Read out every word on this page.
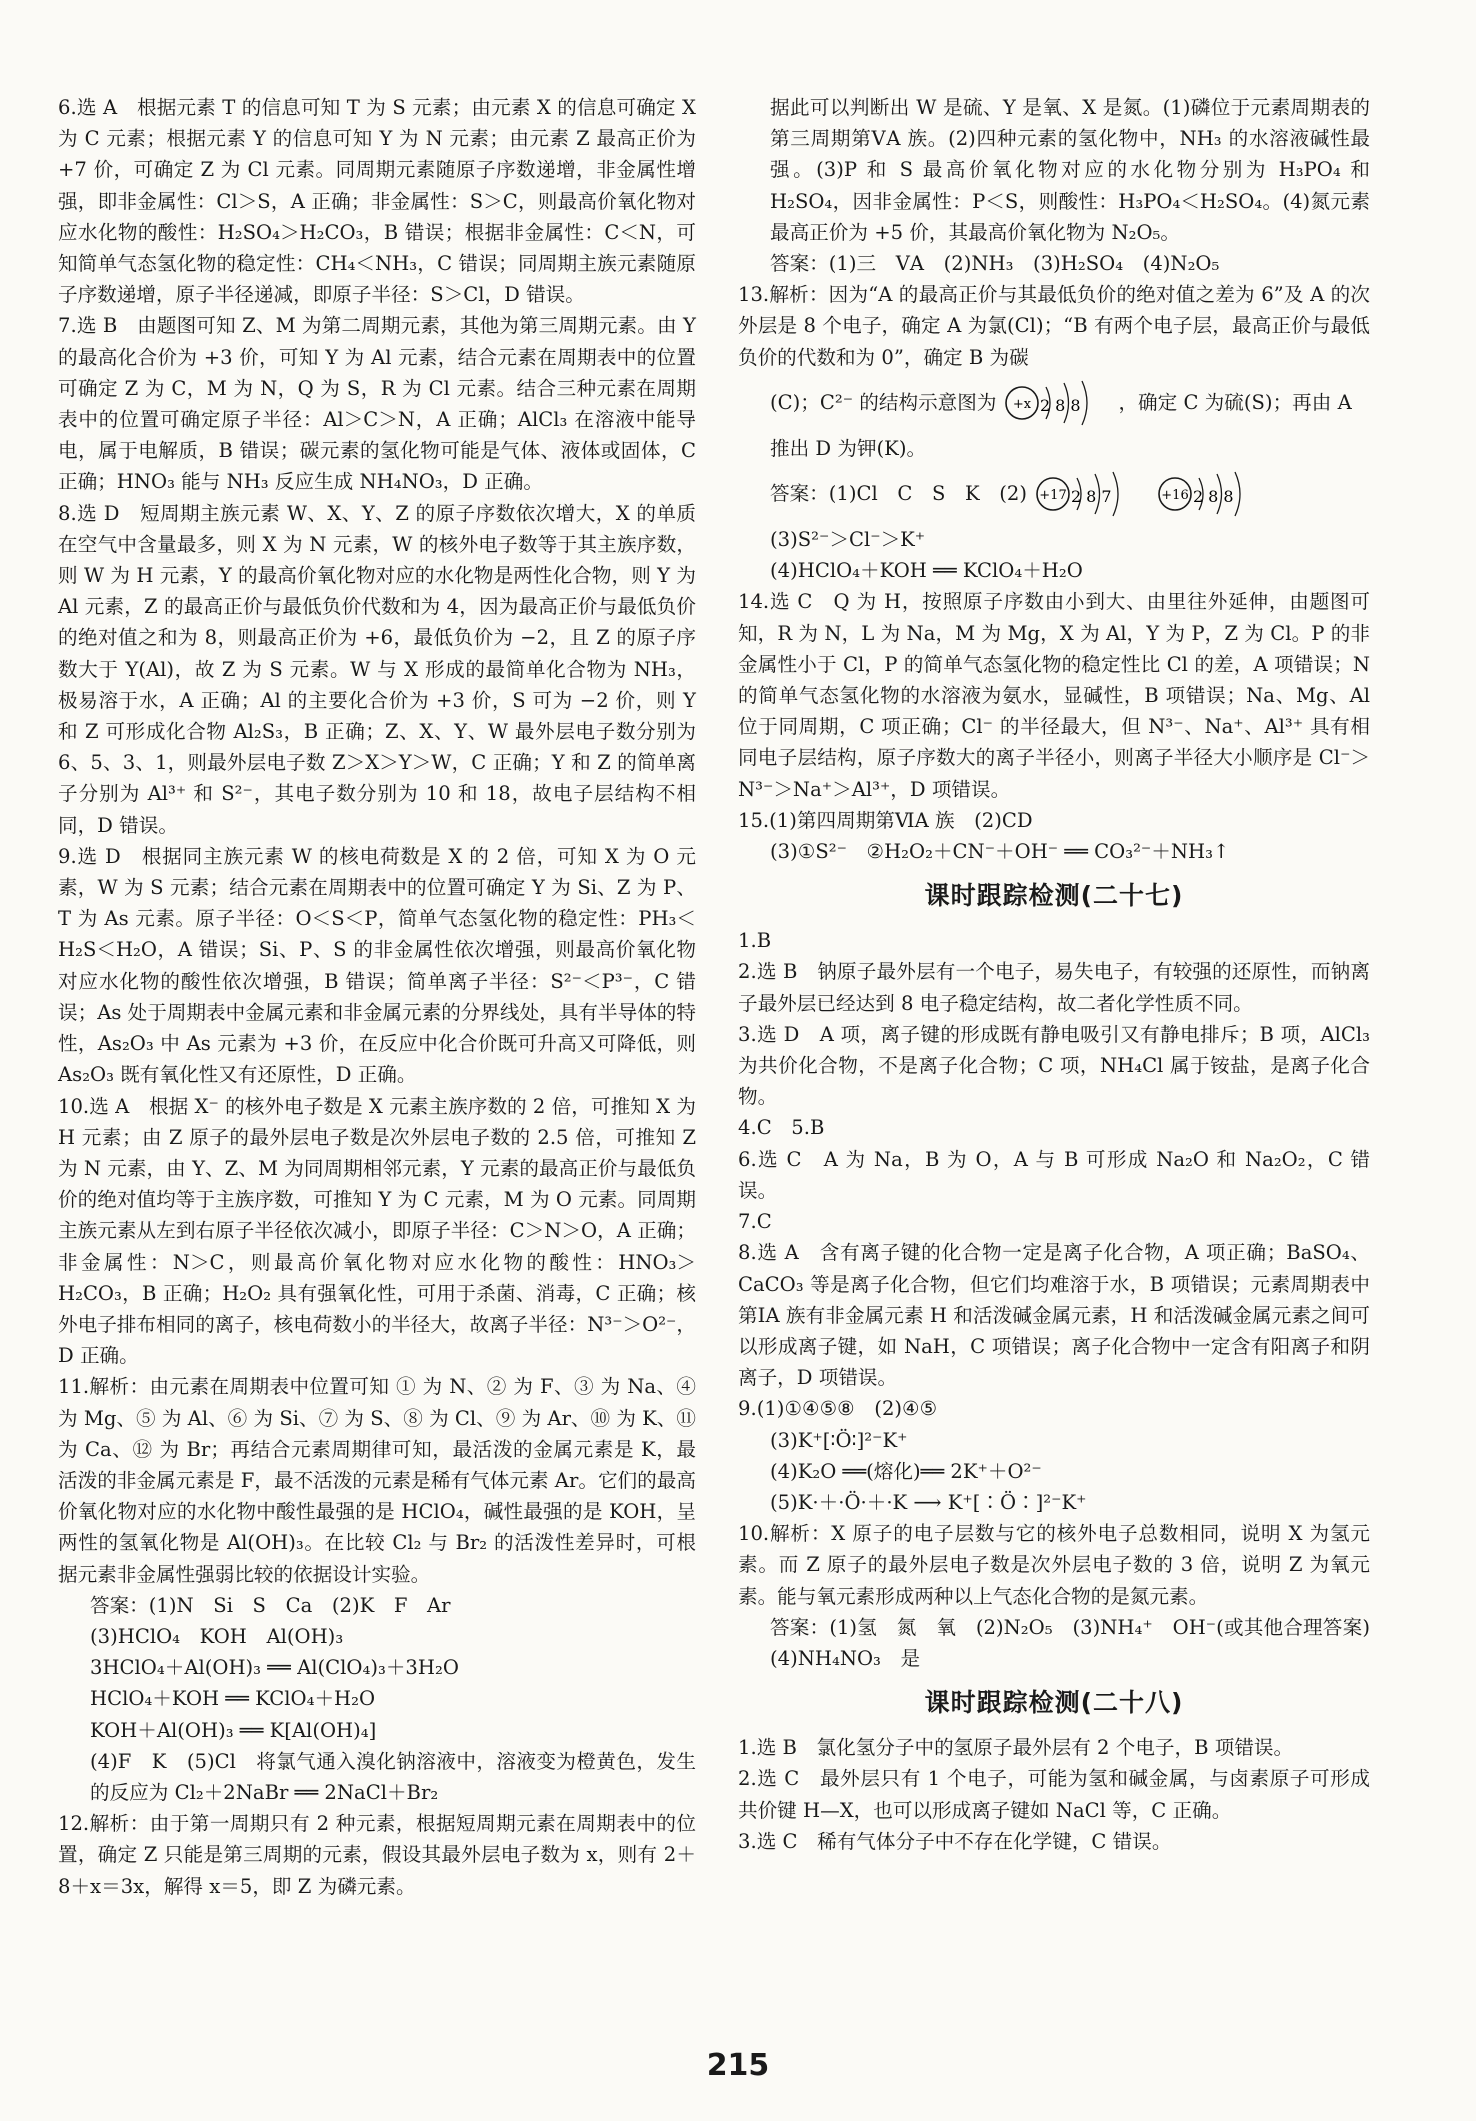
6.选 A　根据元素 T 的信息可知 T 为 S 元素；由元素 X 的信息可确定 X 为 C 元素；根据元素 Y 的信息可知 Y 为 N 元素；由元素 Z 最高正价为 +7 价，可确定 Z 为 Cl 元素。同周期元素随原子序数递增，非金属性增强，即非金属性：Cl＞S，A 正确；非金属性：S＞C，则最高价氧化物对应水化物的酸性：H₂SO₄＞H₂CO₃，B 错误；根据非金属性：C＜N，可知简单气态氢化物的稳定性：CH₄＜NH₃，C 错误；同周期主族元素随原子序数递增，原子半径递减，即原子半径：S＞Cl，D 错误。

7.选 B　由题图可知 Z、M 为第二周期元素，其他为第三周期元素。由 Y 的最高化合价为 +3 价，可知 Y 为 Al 元素，结合元素在周期表中的位置可确定 Z 为 C，M 为 N，Q 为 S，R 为 Cl 元素。结合三种元素在周期表中的位置可确定原子半径：Al＞C＞N，A 正确；AlCl₃ 在溶液中能导电，属于电解质，B 错误；碳元素的氢化物可能是气体、液体或固体，C 正确；HNO₃ 能与 NH₃ 反应生成 NH₄NO₃，D 正确。

8.选 D　短周期主族元素 W、X、Y、Z 的原子序数依次增大，X 的单质在空气中含量最多，则 X 为 N 元素，W 的核外电子数等于其主族序数，则 W 为 H 元素，Y 的最高价氧化物对应的水化物是两性化合物，则 Y 为 Al 元素，Z 的最高正价与最低负价代数和为 4，因为最高正价与最低负价的绝对值之和为 8，则最高正价为 +6，最低负价为 −2，且 Z 的原子序数大于 Y(Al)，故 Z 为 S 元素。W 与 X 形成的最简单化合物为 NH₃，极易溶于水，A 正确；Al 的主要化合价为 +3 价，S 可为 −2 价，则 Y 和 Z 可形成化合物 Al₂S₃，B 正确；Z、X、Y、W 最外层电子数分别为 6、5、3、1，则最外层电子数 Z＞X＞Y＞W，C 正确；Y 和 Z 的简单离子分别为 Al³⁺ 和 S²⁻，其电子数分别为 10 和 18，故电子层结构不相同，D 错误。

9.选 D　根据同主族元素 W 的核电荷数是 X 的 2 倍，可知 X 为 O 元素，W 为 S 元素；结合元素在周期表中的位置可确定 Y 为 Si、Z 为 P、T 为 As 元素。原子半径：O＜S＜P，简单气态氢化物的稳定性：PH₃＜H₂S＜H₂O，A 错误；Si、P、S 的非金属性依次增强，则最高价氧化物对应水化物的酸性依次增强，B 错误；简单离子半径：S²⁻＜P³⁻，C 错误；As 处于周期表中金属元素和非金属元素的分界线处，具有半导体的特性，As₂O₃ 中 As 元素为 +3 价，在反应中化合价既可升高又可降低，则 As₂O₃ 既有氧化性又有还原性，D 正确。

10.选 A　根据 X⁻ 的核外电子数是 X 元素主族序数的 2 倍，可推知 X 为 H 元素；由 Z 原子的最外层电子数是次外层电子数的 2.5 倍，可推知 Z 为 N 元素，由 Y、Z、M 为同周期相邻元素，Y 元素的最高正价与最低负价的绝对值均等于主族序数，可推知 Y 为 C 元素，M 为 O 元素。同周期主族元素从左到右原子半径依次减小，即原子半径：C＞N＞O，A 正确；非金属性：N＞C，则最高价氧化物对应水化物的酸性：HNO₃＞H₂CO₃，B 正确；H₂O₂ 具有强氧化性，可用于杀菌、消毒，C 正确；核外电子排布相同的离子，核电荷数小的半径大，故离子半径：N³⁻＞O²⁻，D 正确。

11.解析：由元素在周期表中位置可知 ① 为 N、② 为 F、③ 为 Na、④ 为 Mg、⑤ 为 Al、⑥ 为 Si、⑦ 为 S、⑧ 为 Cl、⑨ 为 Ar、⑩ 为 K、⑪ 为 Ca、⑫ 为 Br；再结合元素周期律可知，最活泼的金属元素是 K，最活泼的非金属元素是 F，最不活泼的元素是稀有气体元素 Ar。它们的最高价氧化物对应的水化物中酸性最强的是 HClO₄，碱性最强的是 KOH，呈两性的氢氧化物是 Al(OH)₃。在比较 Cl₂ 与 Br₂ 的活泼性差异时，可根据元素非金属性强弱比较的依据设计实验。

答案：(1)N　Si　S　Ca　(2)K　F　Ar

(3)HClO₄　KOH　Al(OH)₃

3HClO₄＋Al(OH)₃ ══ Al(ClO₄)₃＋3H₂O

HClO₄＋KOH ══ KClO₄＋H₂O

KOH＋Al(OH)₃ ══ K[Al(OH)₄]

(4)F　K　(5)Cl　将氯气通入溴化钠溶液中，溶液变为橙黄色，发生的反应为 Cl₂＋2NaBr ══ 2NaCl＋Br₂

12.解析：由于第一周期只有 2 种元素，根据短周期元素在周期表中的位置，确定 Z 只能是第三周期的元素，假设其最外层电子数为 x，则有 2＋8＋x＝3x，解得 x＝5，即 Z 为磷元素。

据此可以判断出 W 是硫、Y 是氧、X 是氮。(1)磷位于元素周期表的第三周期第ⅤA 族。(2)四种元素的氢化物中，NH₃ 的水溶液碱性最强。(3)P 和 S 最高价氧化物对应的水化物分别为 H₃PO₄ 和 H₂SO₄，因非金属性：P＜S，则酸性：H₃PO₄＜H₂SO₄。(4)氮元素最高正价为 +5 价，其最高价氧化物为 N₂O₅。

答案：(1)三　ⅤA　(2)NH₃　(3)H₂SO₄　(4)N₂O₅

13.解析：因为“A 的最高正价与其最低负价的绝对值之差为 6”及 A 的次外层是 8 个电子，确定 A 为氯(Cl)；“B 有两个电子层，最高正价与最低负价的代数和为 0”，确定 B 为碳

(C)；C²⁻ 的结构示意图为 +x 288 ，确定 C 为硫(S)；再由 A

推出 D 为钾(K)。

答案：(1)Cl　C　S　K　(2) +17 287	+16 288

(3)S²⁻＞Cl⁻＞K⁺

(4)HClO₄＋KOH ══ KClO₄＋H₂O

14.选 C　Q 为 H，按照原子序数由小到大、由里往外延伸，由题图可知，R 为 N，L 为 Na，M 为 Mg，X 为 Al，Y 为 P，Z 为 Cl。P 的非金属性小于 Cl，P 的简单气态氢化物的稳定性比 Cl 的差，A 项错误；N 的简单气态氢化物的水溶液为氨水，显碱性，B 项错误；Na、Mg、Al 位于同周期，C 项正确；Cl⁻ 的半径最大，但 N³⁻、Na⁺、Al³⁺ 具有相同电子层结构，原子序数大的离子半径小，则离子半径大小顺序是 Cl⁻＞N³⁻＞Na⁺＞Al³⁺，D 项错误。

15.(1)第四周期第ⅥA 族　(2)CD

(3)①S²⁻　②H₂O₂＋CN⁻＋OH⁻ ══ CO₃²⁻＋NH₃↑

课时跟踪检测(二十七)

1.B

2.选 B　钠原子最外层有一个电子，易失电子，有较强的还原性，而钠离子最外层已经达到 8 电子稳定结构，故二者化学性质不同。

3.选 D　A 项，离子键的形成既有静电吸引又有静电排斥；B 项，AlCl₃ 为共价化合物，不是离子化合物；C 项，NH₄Cl 属于铵盐，是离子化合物。

4.C　5.B

6.选 C　A 为 Na，B 为 O，A 与 B 可形成 Na₂O 和 Na₂O₂，C 错误。

7.C

8.选 A　含有离子键的化合物一定是离子化合物，A 项正确；BaSO₄、CaCO₃ 等是离子化合物，但它们均难溶于水，B 项错误；元素周期表中第ⅠA 族有非金属元素 H 和活泼碱金属元素，H 和活泼碱金属元素之间可以形成离子键，如 NaH，C 项错误；离子化合物中一定含有阳离子和阴离子，D 项错误。

9.(1)①④⑤⑧　(2)④⑤

(3)K⁺[∶Ö∶]²⁻K⁺

(4)K₂O ══(熔化)══ 2K⁺＋O²⁻

(5)K·＋·Ö·＋·K ⟶ K⁺[∶Ö∶]²⁻K⁺

10.解析：X 原子的电子层数与它的核外电子总数相同，说明 X 为氢元素。而 Z 原子的最外层电子数是次外层电子数的 3 倍，说明 Z 为氧元素。能与氧元素形成两种以上气态化合物的是氮元素。

答案：(1)氢　氮　氧　(2)N₂O₅　(3)NH₄⁺　OH⁻(或其他合理答案)　(4)NH₄NO₃　是

课时跟踪检测(二十八)

1.选 B　氯化氢分子中的氢原子最外层有 2 个电子，B 项错误。

2.选 C　最外层只有 1 个电子，可能为氢和碱金属，与卤素原子可形成共价键 H—X，也可以形成离子键如 NaCl 等，C 正确。

3.选 C　稀有气体分子中不存在化学键，C 错误。

215
